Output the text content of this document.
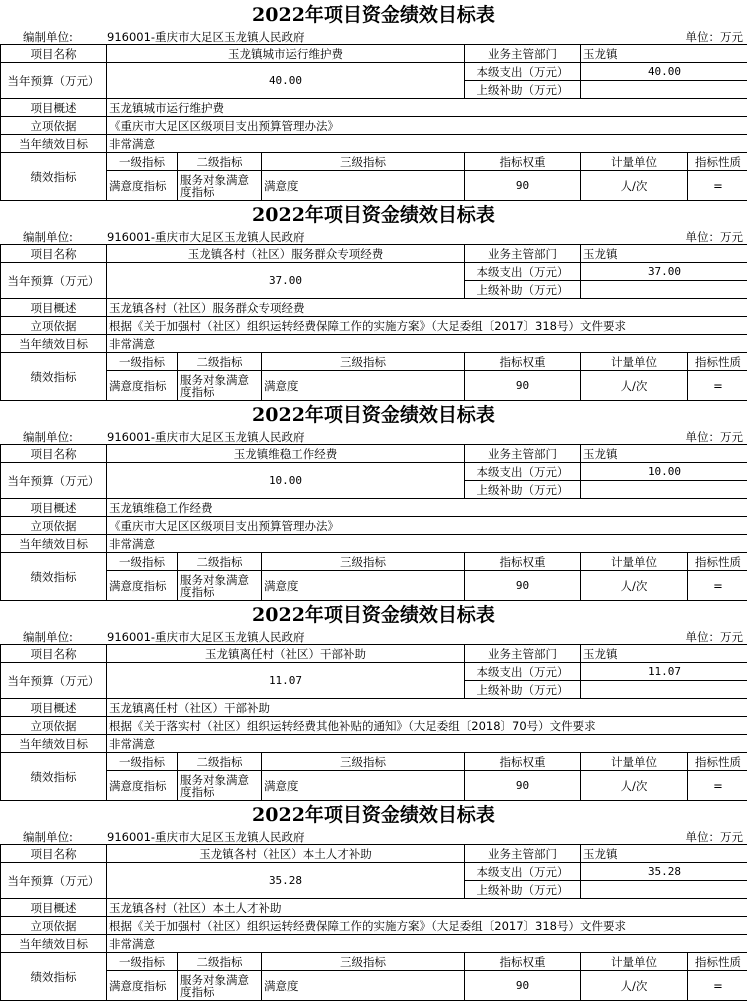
2022年项目资金绩效目标表
编制单位:	916001-重庆市大足区玉龙镇人民政府	单位：万元
项目名称	玉龙镇城市运行维护费			业务主管部门	玉龙镇		
当年预算（万元）	40.00			本级支出（万元）	40.00		
				上级补助（万元）			
项目概述	玉龙镇城市运行维护费						
立项依据	《重庆市大足区区级项目支出预算管理办法》						
当年绩效目标	非常满意						
绩效指标	一级指标	二级指标	三级指标	指标权重	计量单位	指标性质	
	满意度指标	服务对象满意度指标	满意度	90	人/次	=	
2022年项目资金绩效目标表
编制单位:	916001-重庆市大足区玉龙镇人民政府	单位：万元
项目名称	玉龙镇各村（社区）服务群众专项经费			业务主管部门	玉龙镇		
当年预算（万元）	37.00			本级支出（万元）	37.00		
				上级补助（万元）			
项目概述	玉龙镇各村（社区）服务群众专项经费						
立项依据	根据《关于加强村（社区）组织运转经费保障工作的实施方案》（大足委组〔2017〕318号）文件要求						
当年绩效目标	非常满意						
绩效指标	一级指标	二级指标	三级指标	指标权重	计量单位	指标性质	
	满意度指标	服务对象满意度指标	满意度	90	人/次	=	
2022年项目资金绩效目标表
编制单位:	916001-重庆市大足区玉龙镇人民政府	单位：万元
项目名称	玉龙镇维稳工作经费			业务主管部门	玉龙镇		
当年预算（万元）	10.00			本级支出（万元）	10.00		
				上级补助（万元）			
项目概述	玉龙镇维稳工作经费						
立项依据	《重庆市大足区区级项目支出预算管理办法》						
当年绩效目标	非常满意						
绩效指标	一级指标	二级指标	三级指标	指标权重	计量单位	指标性质	
	满意度指标	服务对象满意度指标	满意度	90	人/次	=	
2022年项目资金绩效目标表
编制单位:	916001-重庆市大足区玉龙镇人民政府	单位：万元
项目名称	玉龙镇离任村（社区）干部补助			业务主管部门	玉龙镇		
当年预算（万元）	11.07			本级支出（万元）	11.07		
				上级补助（万元）			
项目概述	玉龙镇离任村（社区）干部补助						
立项依据	根据《关于落实村（社区）组织运转经费其他补贴的通知》（大足委组〔2018〕70号）文件要求						
当年绩效目标	非常满意						
绩效指标	一级指标	二级指标	三级指标	指标权重	计量单位	指标性质	
	满意度指标	服务对象满意度指标	满意度	90	人/次	=	
2022年项目资金绩效目标表
编制单位:	916001-重庆市大足区玉龙镇人民政府	单位：万元
项目名称	玉龙镇各村（社区）本土人才补助			业务主管部门	玉龙镇		
当年预算（万元）	35.28			本级支出（万元）	35.28		
				上级补助（万元）			
项目概述	玉龙镇各村（社区）本土人才补助						
立项依据	根据《关于加强村（社区）组织运转经费保障工作的实施方案》（大足委组〔2017〕318号）文件要求						
当年绩效目标	非常满意						
绩效指标	一级指标	二级指标	三级指标	指标权重	计量单位	指标性质	
	满意度指标	服务对象满意度指标	满意度	90	人/次	=	
